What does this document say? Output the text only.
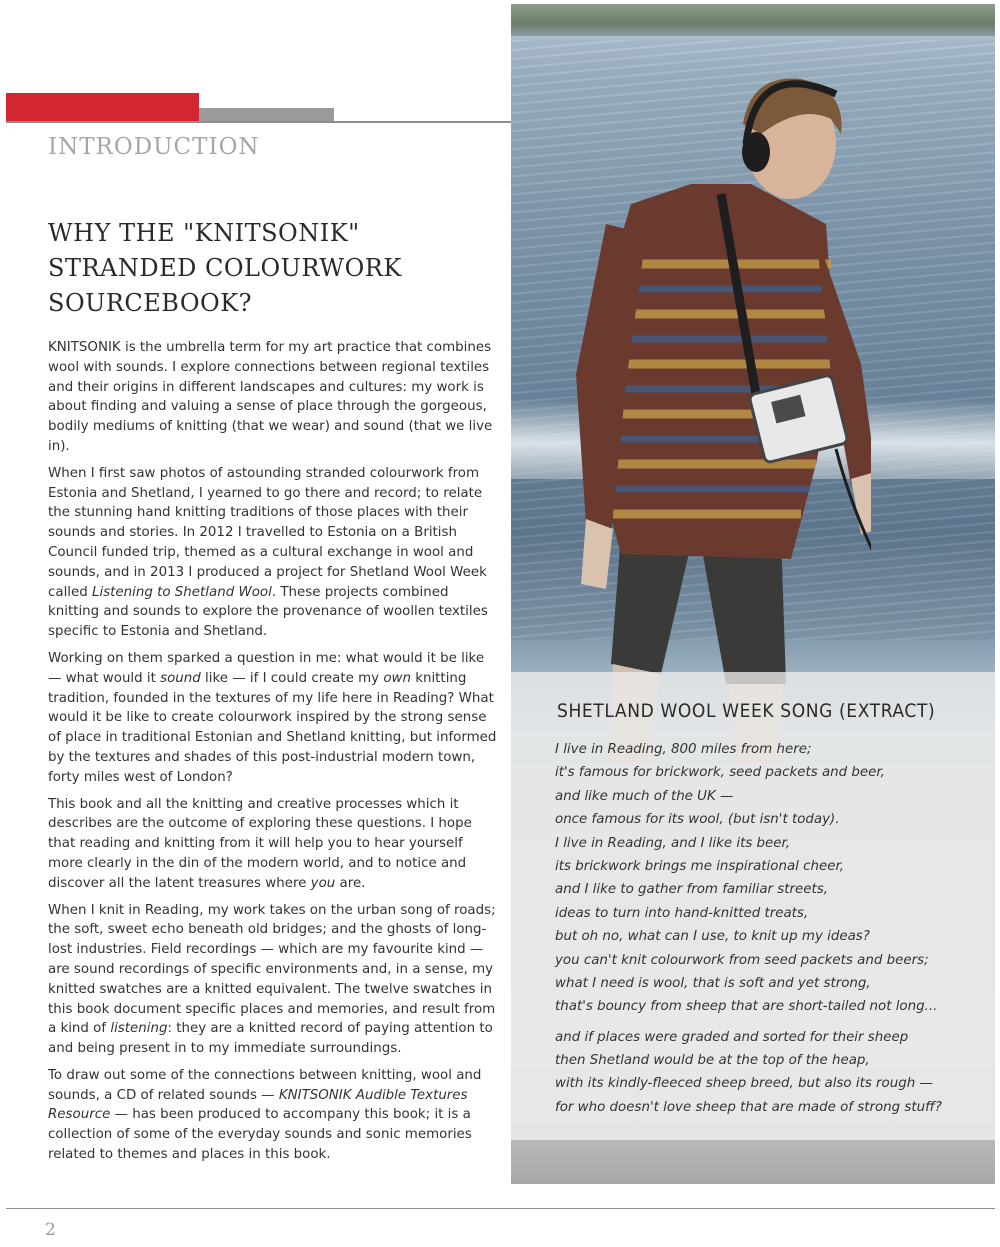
INTRODUCTION
WHY THE "KNITSONIK" STRANDED COLOURWORK SOURCEBOOK?

KNITSONIK is the umbrella term for my art practice that combines wool with sounds. I explore connections between regional textiles and their origins in different landscapes and cultures: my work is about finding and valuing a sense of place through the gorgeous, bodily mediums of knitting (that we wear) and sound (that we live in).

When I first saw photos of astounding stranded colourwork from Estonia and Shetland, I yearned to go there and record; to relate the stunning hand knitting traditions of those places with their sounds and stories. In 2012 I travelled to Estonia on a British Council funded trip, themed as a cultural exchange in wool and sounds, and in 2013 I produced a project for Shetland Wool Week called Listening to Shetland Wool. These projects combined knitting and sounds to explore the provenance of woollen textiles specific to Estonia and Shetland.

Working on them sparked a question in me: what would it be like — what would it sound like — if I could create my own knitting tradition, founded in the textures of my life here in Reading? What would it be like to create colourwork inspired by the strong sense of place in traditional Estonian and Shetland knitting, but informed by the textures and shades of this post-industrial modern town, forty miles west of London?

This book and all the knitting and creative processes which it describes are the outcome of exploring these questions. I hope that reading and knitting from it will help you to hear yourself more clearly in the din of the modern world, and to notice and discover all the latent treasures where you are.

When I knit in Reading, my work takes on the urban song of roads; the soft, sweet echo beneath old bridges; and the ghosts of long-lost industries. Field recordings — which are my favourite kind — are sound recordings of specific environments and, in a sense, my knitted swatches are a knitted equivalent. The twelve swatches in this book document specific places and memories, and result from a kind of listening: they are a knitted record of paying attention to and being present in to my immediate surroundings.

To draw out some of the connections between knitting, wool and sounds, a CD of related sounds — KNITSONIK Audible Textures Resource — has been produced to accompany this book; it is a collection of some of the everyday sounds and sonic memories related to themes and places in this book.

SHETLAND WOOL WEEK SONG (EXTRACT)
I live in Reading, 800 miles from here;
it's famous for brickwork, seed packets and beer,
and like much of the UK —
once famous for its wool, (but isn't today).
I live in Reading, and I like its beer,
its brickwork brings me inspirational cheer,
and I like to gather from familiar streets,
ideas to turn into hand-knitted treats,
but oh no, what can I use, to knit up my ideas?
you can't knit colourwork from seed packets and beers;
what I need is wool, that is soft and yet strong,
that's bouncy from sheep that are short-tailed not long...
and if places were graded and sorted for their sheep
then Shetland would be at the top of the heap,
with its kindly-fleeced sheep breed, but also its rough —
for who doesn't love sheep that are made of strong stuff?
2
